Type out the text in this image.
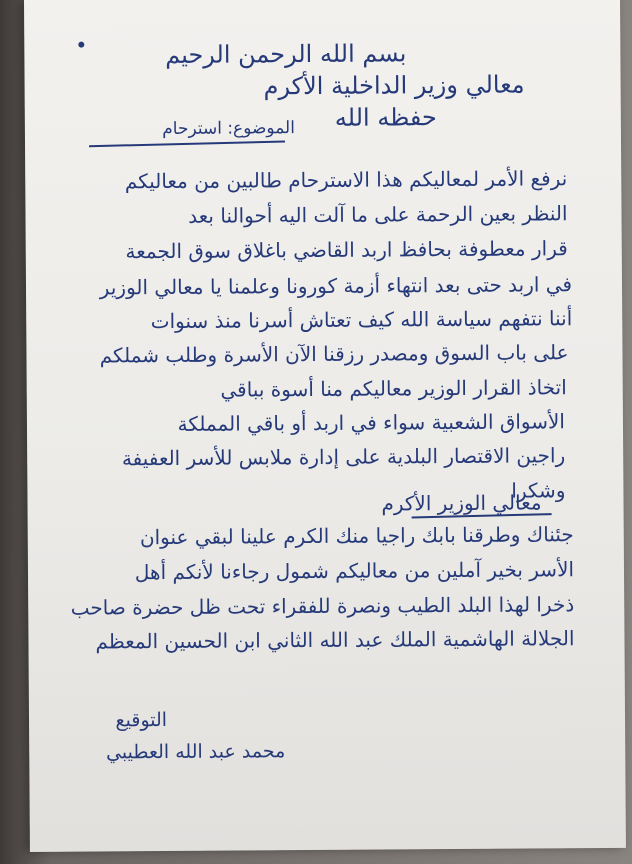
بسم الله الرحمن الرحيم
معالي وزير الداخلية الأكرم
حفظه الله
الموضوع: استرحام
نرفع الأمر لمعاليكم هذا الاسترحام طالبين من معاليكم
النظر بعين الرحمة على ما آلت اليه أحوالنا بعد
قرار معطوفة بحافظ اربد القاضي باغلاق سوق الجمعة
في اربد حتى بعد انتهاء أزمة كورونا وعلمنا يا معالي الوزير
أننا نتفهم سياسة الله كيف تعتاش أسرنا منذ سنوات
على باب السوق ومصدر رزقنا الآن الأسرة وطلب شملكم
اتخاذ القرار الوزير معاليكم منا أسوة بباقي
الأسواق الشعبية سواء في اربد أو باقي المملكة
راجين الاقتصار البلدية على إدارة ملابس للأسر العفيفة
وشكرا
معالي الوزير الأكرم
جئناك وطرقنا بابك راجيا منك الكرم علينا لبقي عنوان
الأسر بخير آملين من معاليكم شمول رجاءنا لأنكم أهل
ذخرا لهذا البلد الطيب ونصرة للفقراء تحت ظل حضرة صاحب
الجلالة الهاشمية الملك عبد الله الثاني ابن الحسين المعظم
التوقيع
محمد عبد الله العطيبي
